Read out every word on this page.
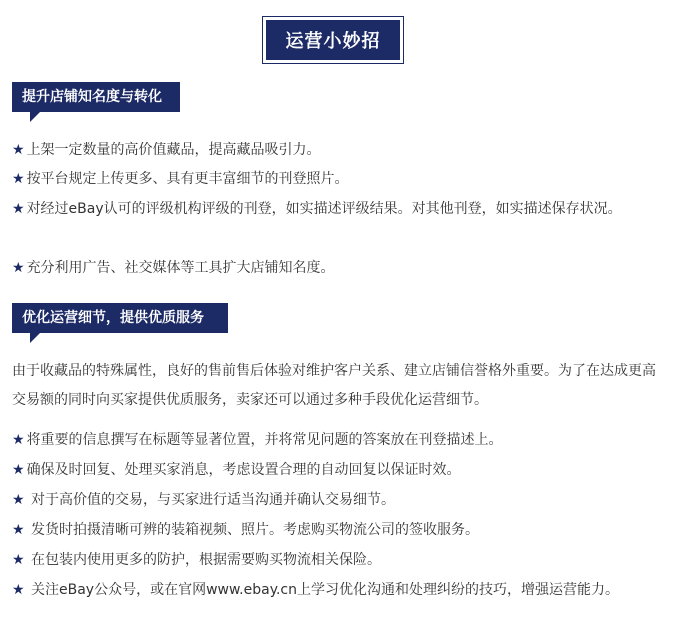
运营小妙招
提升店铺知名度与转化
★ 上架一定数量的高价值藏品，提高藏品吸引力。
★ 按平台规定上传更多、具有更丰富细节的刊登照片。
★ 对经过eBay认可的评级机构评级的刊登，如实描述评级结果。对其他刊登，如实描述保存状况。
★ 充分利用广告、社交媒体等工具扩大店铺知名度。
优化运营细节，提供优质服务
由于收藏品的特殊属性，良好的售前售后体验对维护客户关系、建立店铺信誉格外重要。为了在达成更高交易额的同时向买家提供优质服务，卖家还可以通过多种手段优化运营细节。
★ 将重要的信息撰写在标题等显著位置，并将常见问题的答案放在刊登描述上。
★ 确保及时回复、处理买家消息，考虑设置合理的自动回复以保证时效。
★ 对于高价值的交易，与买家进行适当沟通并确认交易细节。
★ 发货时拍摄清晰可辨的装箱视频、照片。考虑购买物流公司的签收服务。
★ 在包装内使用更多的防护，根据需要购买物流相关保险。
★ 关注eBay公众号，或在官网www.ebay.cn上学习优化沟通和处理纠纷的技巧，增强运营能力。
